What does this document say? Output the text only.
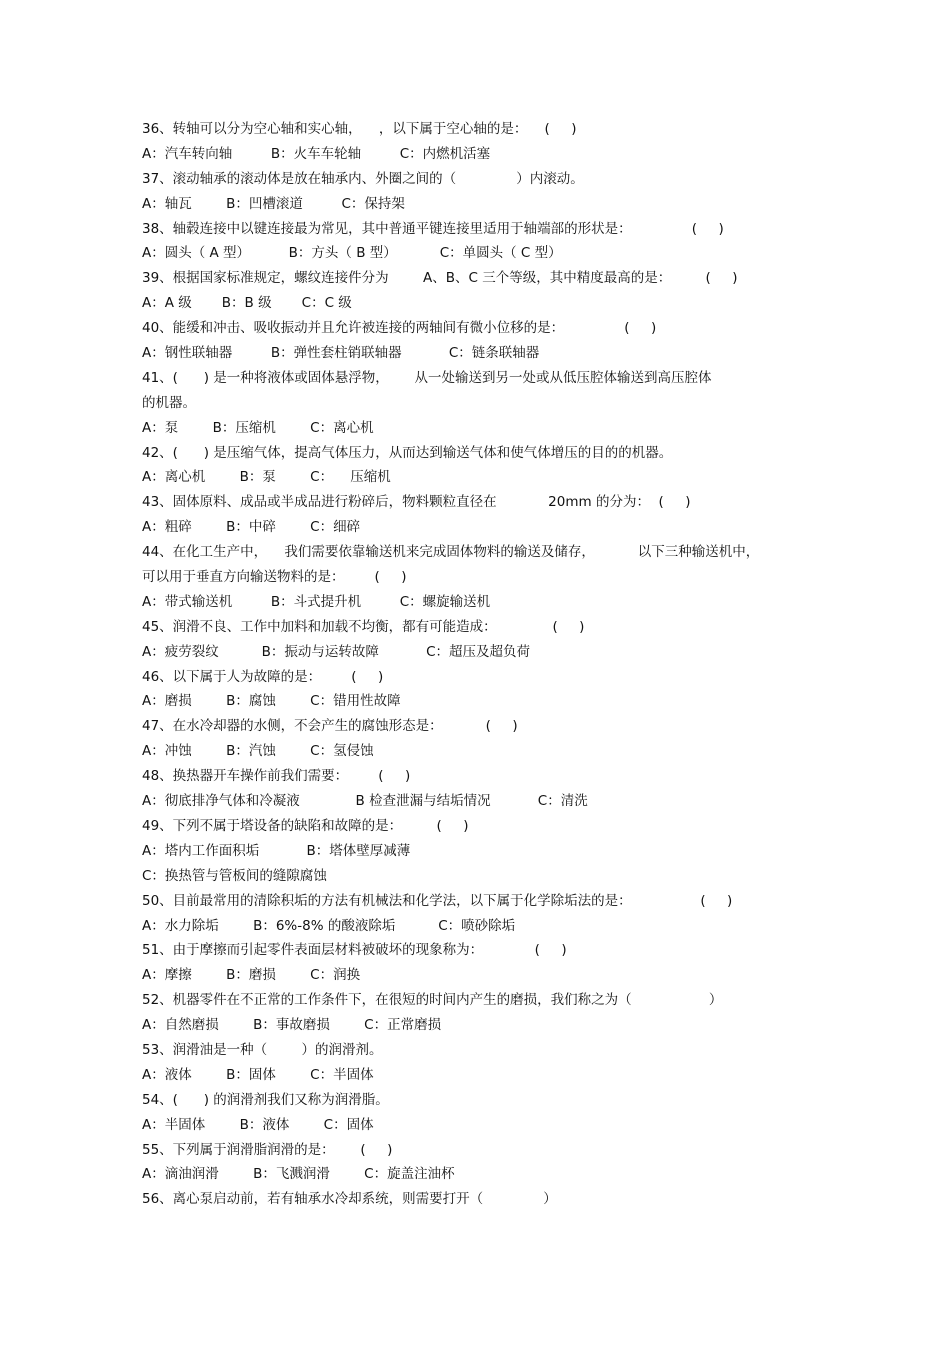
36、转轴可以分为空心轴和实心轴，    ，以下属于空心轴的是：    (     )
A：汽车转向轴         B：火车车轮轴         C：内燃机活塞
37、滚动轴承的滚动体是放在轴承内、外圈之间的（              ）内滚动。
A：轴瓦        B：凹槽滚道         C：保持架
38、轴毂连接中以键连接最为常见，其中普通平键连接里适用于轴端部的形状是：              (     )
A：圆头（ A 型）         B：方头（ B 型）          C：单圆头（ C 型）
39、根据国家标准规定，螺纹连接件分为        A、B、C 三个等级，其中精度最高的是：        (     )
A：A 级       B：B 级       C：C 级
40、能缓和冲击、吸收振动并且允许被连接的两轴间有微小位移的是：              (     )
A：钢性联轴器         B：弹性套柱销联轴器           C：链条联轴器
41、(      ) 是一种将液体或固体悬浮物，      从一处输送到另一处或从低压腔体输送到高压腔体
的机器。
A：泵        B：压缩机        C：离心机
42、(      ) 是压缩气体，提高气体压力，从而达到输送气体和使气体增压的目的的机器。
A：离心机        B：泵        C：    压缩机
43、固体原料、成品或半成品进行粉碎后，物料颗粒直径在            20mm 的分为：  (     )
A：粗碎        B：中碎        C：细碎
44、在化工生产中，    我们需要依靠输送机来完成固体物料的输送及储存，          以下三种输送机中，
可以用于垂直方向输送物料的是：       (     )
A：带式输送机         B：斗式提升机         C：螺旋输送机
45、润滑不良、工作中加料和加载不均衡，都有可能造成：             (     )
A：疲劳裂纹          B：振动与运转故障           C：超压及超负荷
46、以下属于人为故障的是：       (     )
A：磨损        B：腐蚀        C：错用性故障
47、在水冷却器的水侧，不会产生的腐蚀形态是：          (     )
A：冲蚀        B：汽蚀        C：氢侵蚀
48、换热器开车操作前我们需要：       (     )
A：彻底排净气体和冷凝液             B 检查泄漏与结垢情况           C：清洗
49、下列不属于塔设备的缺陷和故障的是：        (     )
A：塔内工作面积垢           B：塔体壁厚减薄
C：换热管与管板间的缝隙腐蚀
50、目前最常用的清除积垢的方法有机械法和化学法，以下属于化学除垢法的是：                (     )
A：水力除垢        B：6%-8% 的酸液除垢          C：喷砂除垢
51、由于摩擦而引起零件表面层材料被破坏的现象称为：            (     )
A：摩擦        B：磨损        C：润换
52、机器零件在不正常的工作条件下，在很短的时间内产生的磨损，我们称之为（                  ）
A：自然磨损        B：事故磨损        C：正常磨损
53、润滑油是一种（        ）的润滑剂。
A：液体        B：固体        C：半固体
54、(      ) 的润滑剂我们又称为润滑脂。
A：半固体        B：液体        C：固体
55、下列属于润滑脂润滑的是：      (     )
A：滴油润滑        B：飞溅润滑        C：旋盖注油杯
56、离心泵启动前，若有轴承水冷却系统，则需要打开（              ）
